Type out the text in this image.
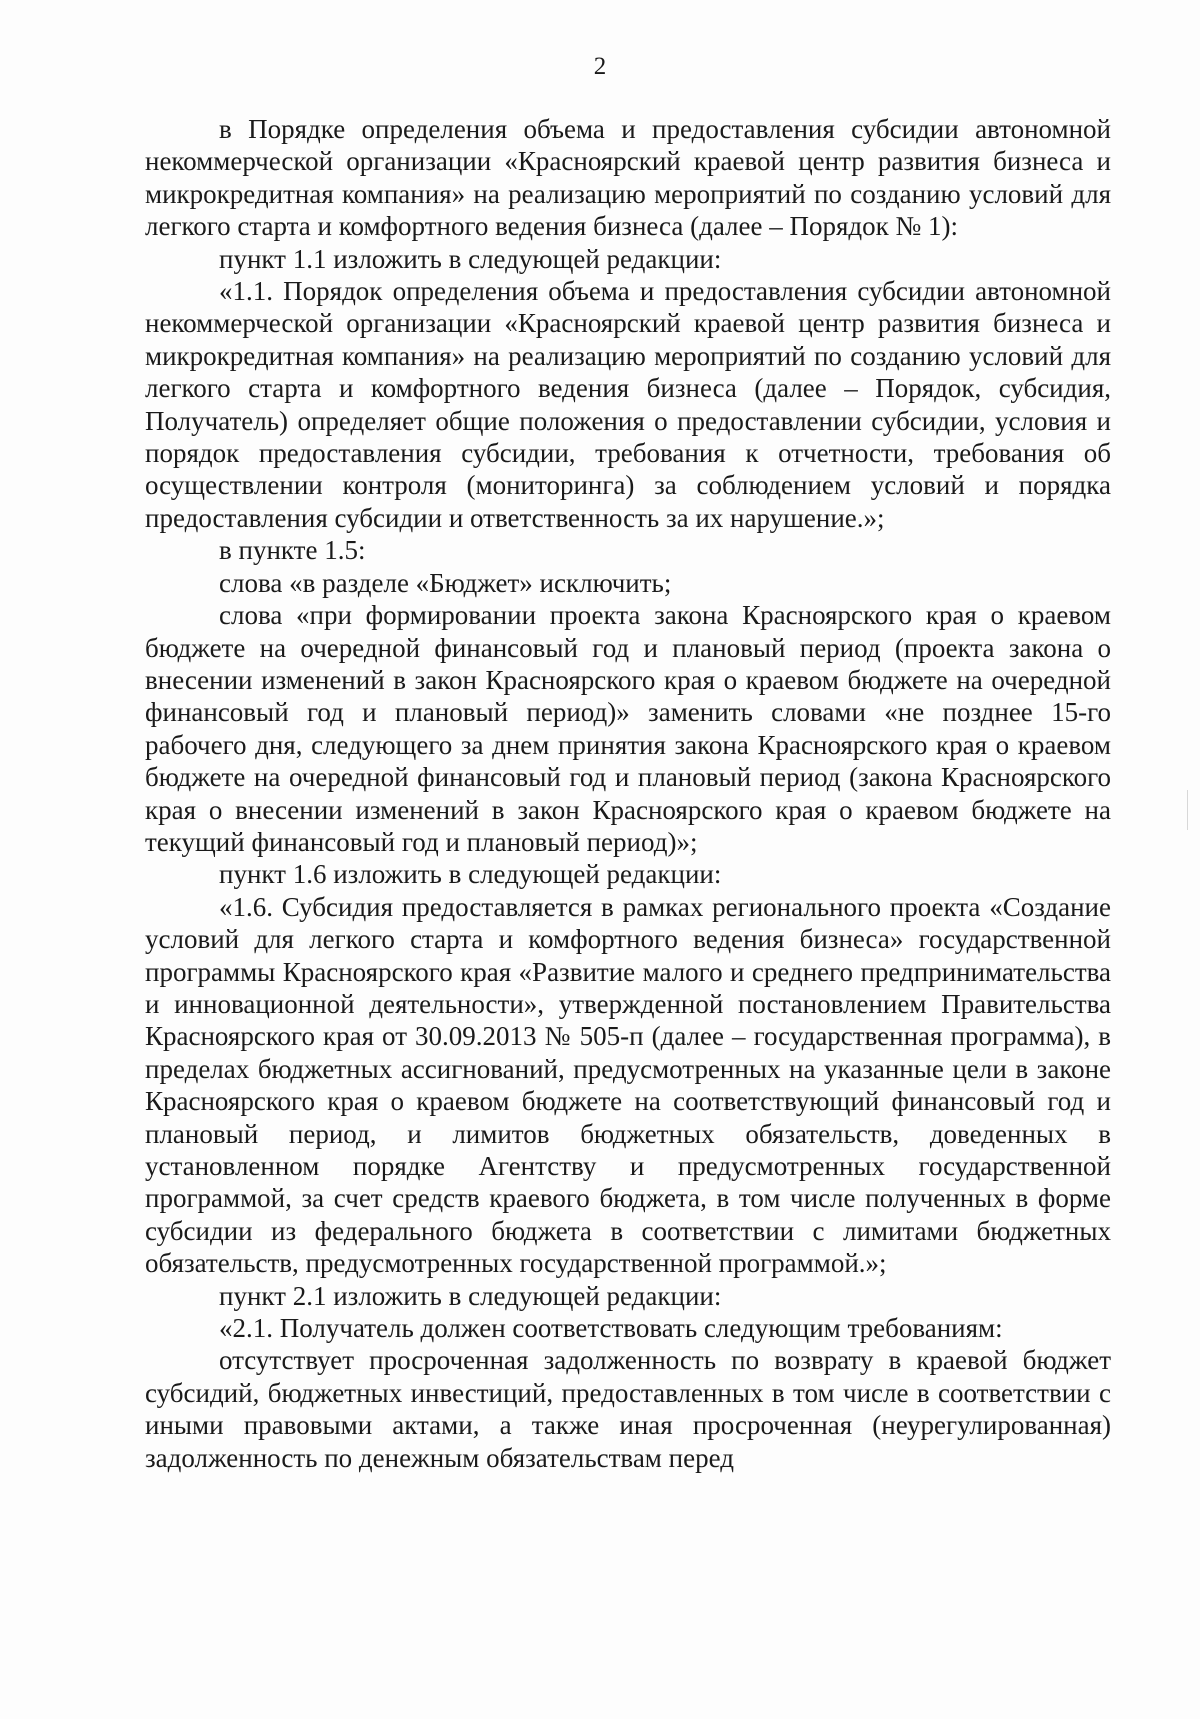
2

в Порядке определения объема и предоставления субсидии автономной некоммерческой организации «Красноярский краевой центр развития бизнеса и микрокредитная компания» на реализацию мероприятий по созданию условий для легкого старта и комфортного ведения бизнеса (далее – Порядок № 1):

пункт 1.1 изложить в следующей редакции:

«1.1. Порядок определения объема и предоставления субсидии автономной некоммерческой организации «Красноярский краевой центр развития бизнеса и микрокредитная компания» на реализацию мероприятий по созданию условий для легкого старта и комфортного ведения бизнеса (далее – Порядок, субсидия, Получатель) определяет общие положения о предоставлении субсидии, условия и порядок предоставления субсидии, требования к отчетности, требования об осуществлении контроля (мониторинга) за соблюдением условий и порядка предоставления субсидии и ответственность за их нарушение.»;

в пункте 1.5:

слова «в разделе «Бюджет» исключить;

слова «при формировании проекта закона Красноярского края о краевом бюджете на очередной финансовый год и плановый период (проекта закона о внесении изменений в закон Красноярского края о краевом бюджете на очередной финансовый год и плановый период)» заменить словами «не позднее 15-го рабочего дня, следующего за днем принятия закона Красноярского края о краевом бюджете на очередной финансовый год и плановый период (закона Красноярского края о внесении изменений в закон Красноярского края о краевом бюджете на текущий финансовый год и плановый период)»;

пункт 1.6 изложить в следующей редакции:

«1.6. Субсидия предоставляется в рамках регионального проекта «Создание условий для легкого старта и комфортного ведения бизнеса» государственной программы Красноярского края «Развитие малого и среднего предпринимательства и инновационной деятельности», утвержденной постановлением Правительства Красноярского края от 30.09.2013 № 505-п (далее – государственная программа), в пределах бюджетных ассигнований, предусмотренных на указанные цели в законе Красноярского края о краевом бюджете на соответствующий финансовый год и плановый период, и лимитов бюджетных обязательств, доведенных в установленном порядке Агентству и предусмотренных государственной программой, за счет средств краевого бюджета, в том числе полученных в форме субсидии из федерального бюджета в соответствии с лимитами бюджетных обязательств, предусмотренных государственной программой.»;

пункт 2.1 изложить в следующей редакции:

«2.1. Получатель должен соответствовать следующим требованиям:

отсутствует просроченная задолженность по возврату в краевой бюджет субсидий, бюджетных инвестиций, предоставленных в том числе в соответствии с иными правовыми актами, а также иная просроченная (неурегулированная) задолженность по денежным обязательствам перед
